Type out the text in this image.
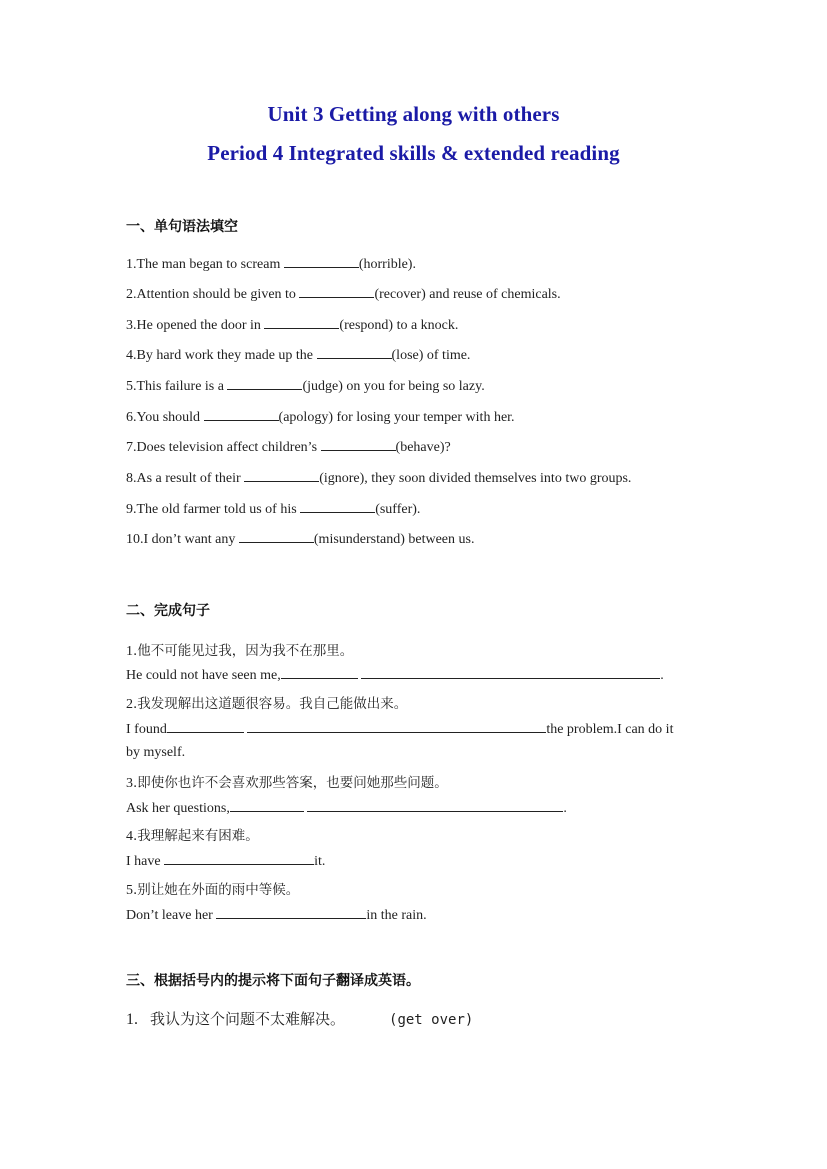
Unit 3 Getting along with others
Period 4 Integrated skills & extended reading
一、单句语法填空
1.The man began to scream	(horrible).
2.Attention should be given to	(recover) and reuse of chemicals.
3.He opened the door in	(respond) to a knock.
4.By hard work they made up the	(lose) of time.
5.This failure is a	(judge) on you for being so lazy.
6.You should	(apology) for losing your temper with her.
7.Does television affect children’s	(behave)?
8.As a result of their	(ignore), they soon divided themselves into two groups.
9.The old farmer told us of his	(suffer).
10.I don’t want any	(misunderstand) between us.
二、完成句子
1.他不可能见过我，因为我不在那里。
He could not have seen me,	.
2.我发现解出这道题很容易。我自己能做出来。
I found	the problem.I can do it
by myself.
3.即使你也许不会喜欢那些答案，也要问她那些问题。
Ask her questions,	.
4.我理解起来有困难。
I have	it.
5.别让她在外面的雨中等候。
Don’t leave her	in the rain.
三、根据括号内的提示将下面句子翻译成英语。
1. 我认为这个问题不太难解决。	(get over)
